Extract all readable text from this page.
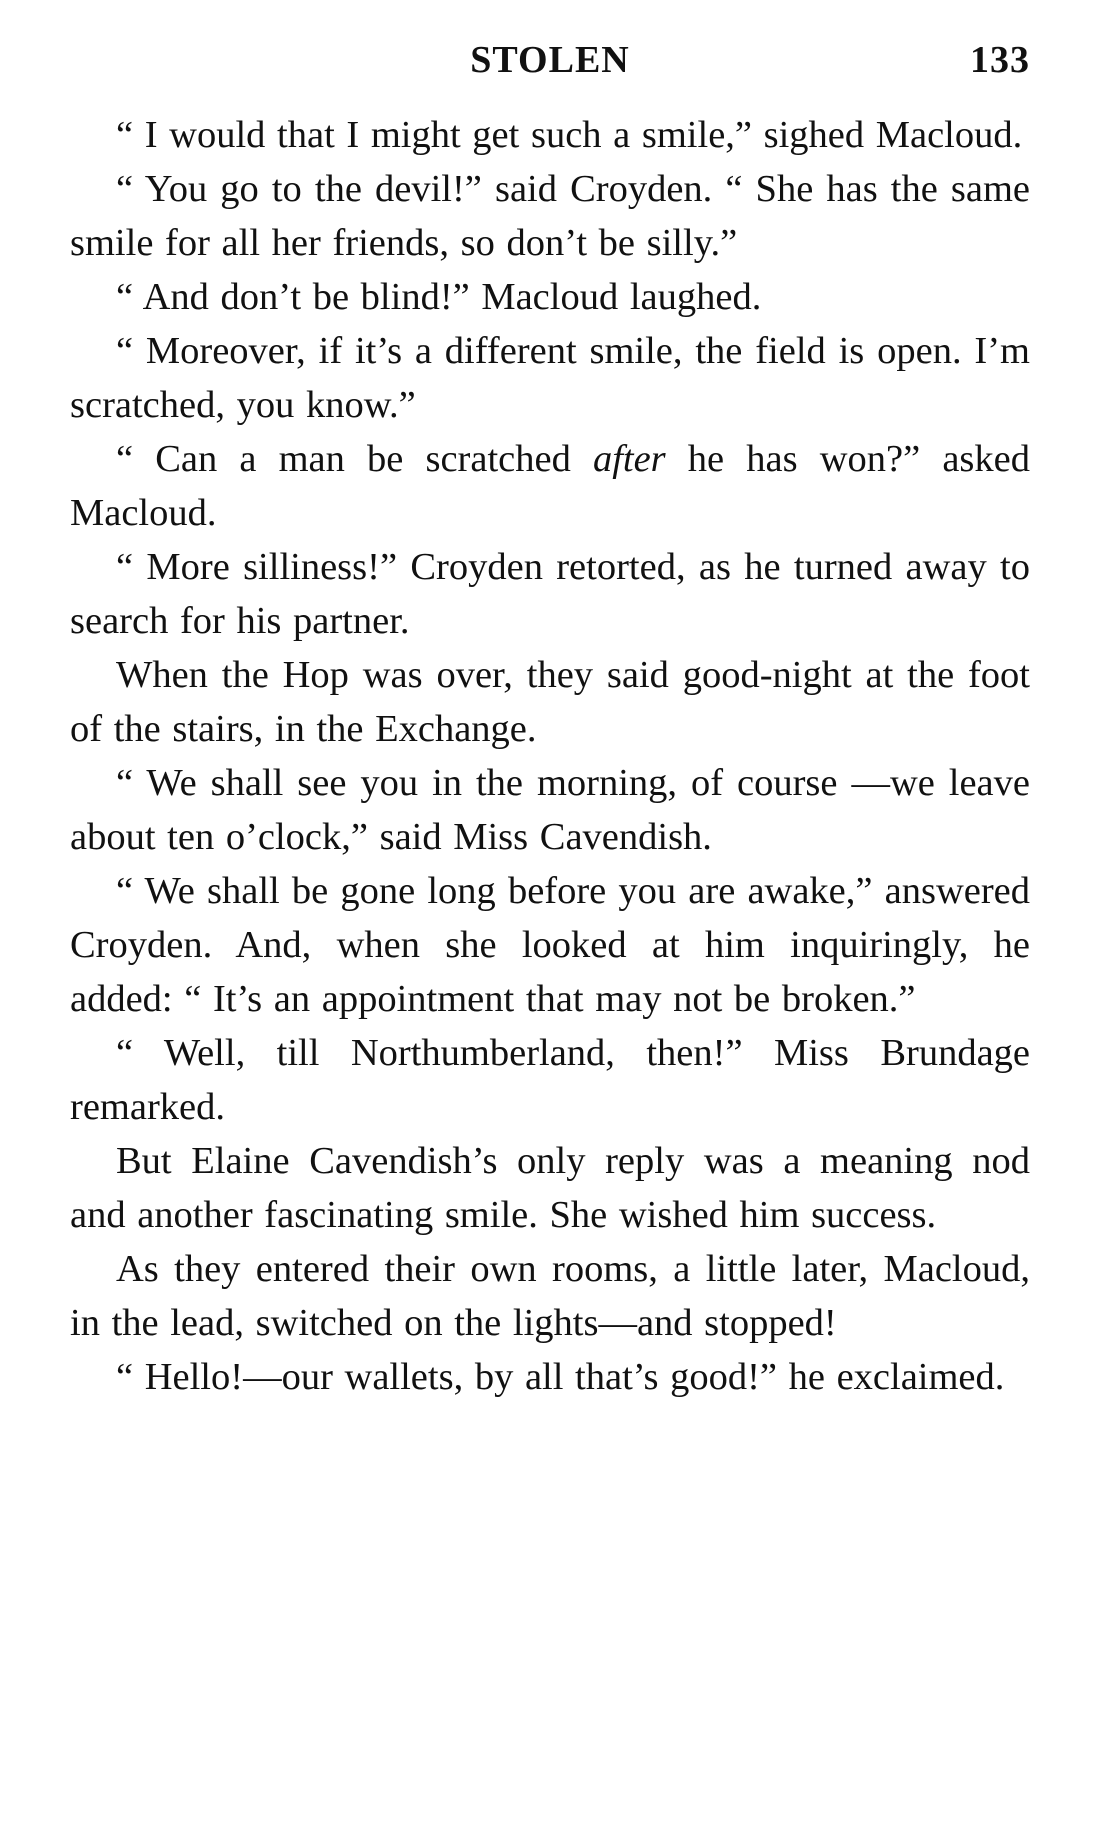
STOLEN	133

“ I would that I might get such a smile,” sighed Macloud.

“ You go to the devil!” said Croyden. “ She has the same smile for all her friends, so don’t be silly.”

“ And don’t be blind!” Macloud laughed.

“ Moreover, if it’s a different smile, the field is open. I’m scratched, you know.”

“ Can a man be scratched after he has won?” asked Macloud.

“ More silliness!” Croyden retorted, as he turned away to search for his partner.

When the Hop was over, they said good-night at the foot of the stairs, in the Exchange.

“ We shall see you in the morning, of course —we leave about ten o’clock,” said Miss Cavendish.

“ We shall be gone long before you are awake,” answered Croyden. And, when she looked at him inquiringly, he added: “ It’s an appointment that may not be broken.”

“ Well, till Northumberland, then!” Miss Brundage remarked.

But Elaine Cavendish’s only reply was a meaning nod and another fascinating smile. She wished him success.

As they entered their own rooms, a little later, Macloud, in the lead, switched on the lights—and stopped!

“ Hello!—our wallets, by all that’s good!” he exclaimed.
